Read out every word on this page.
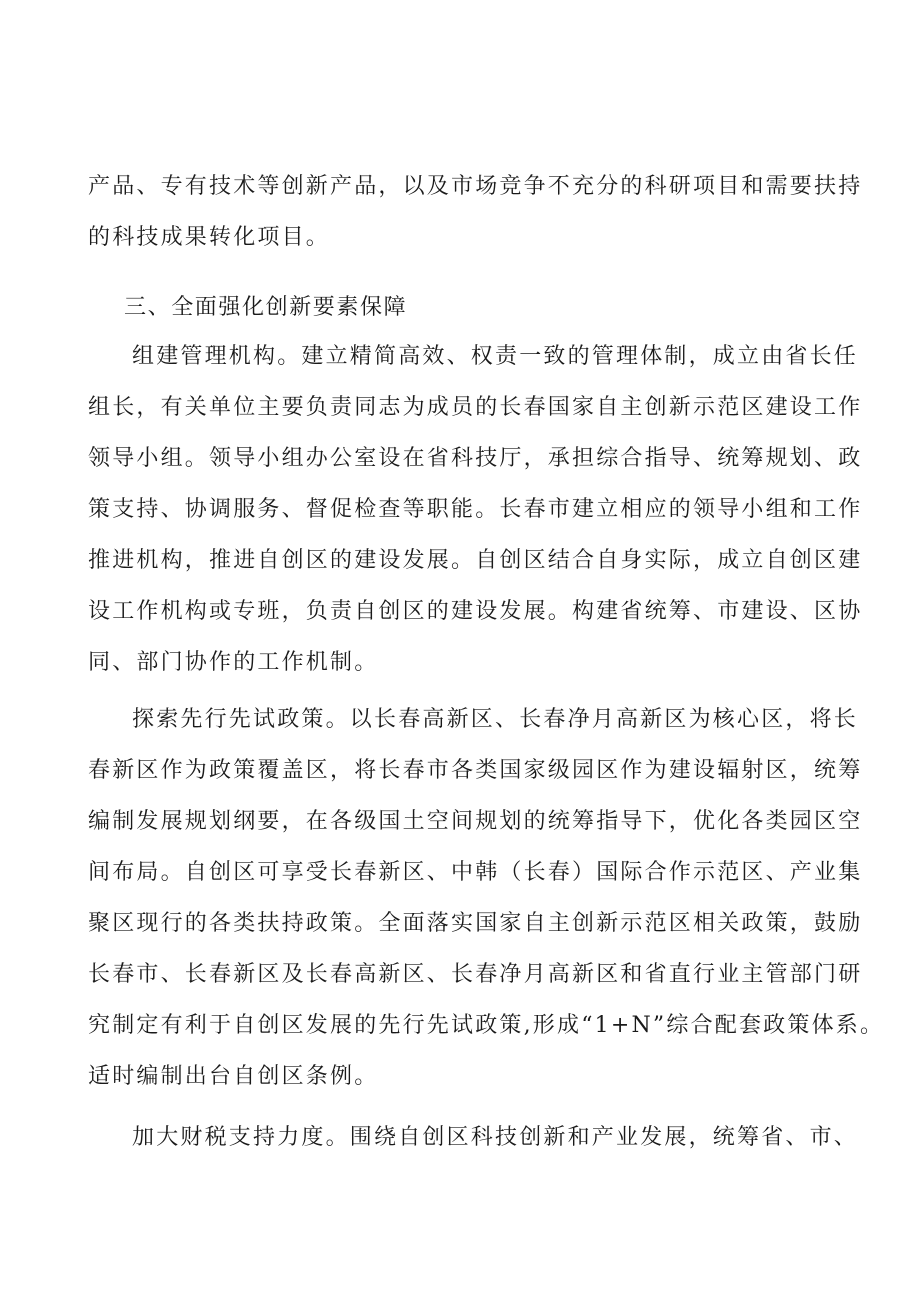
产品、专有技术等创新产品，以及市场竞争不充分的科研项目和需要扶持
的科技成果转化项目。
三、全面强化创新要素保障
组建管理机构。建立精简高效、权责一致的管理体制，成立由省长任
组长，有关单位主要负责同志为成员的长春国家自主创新示范区建设工作
领导小组。领导小组办公室设在省科技厅，承担综合指导、统筹规划、政
策支持、协调服务、督促检查等职能。长春市建立相应的领导小组和工作
推进机构，推进自创区的建设发展。自创区结合自身实际，成立自创区建
设工作机构或专班，负责自创区的建设发展。构建省统筹、市建设、区协
同、部门协作的工作机制。
探索先行先试政策。以长春高新区、长春净月高新区为核心区，将长
春新区作为政策覆盖区，将长春市各类国家级园区作为建设辐射区，统筹
编制发展规划纲要，在各级国土空间规划的统筹指导下，优化各类园区空
间布局。自创区可享受长春新区、中韩（长春）国际合作示范区、产业集
聚区现行的各类扶持政策。全面落实国家自主创新示范区相关政策，鼓励
长春市、长春新区及长春高新区、长春净月高新区和省直行业主管部门研
究制定有利于自创区发展的先行先试政策,形成“1+N”综合配套政策体系。
适时编制出台自创区条例。
加大财税支持力度。围绕自创区科技创新和产业发展，统筹省、市、
